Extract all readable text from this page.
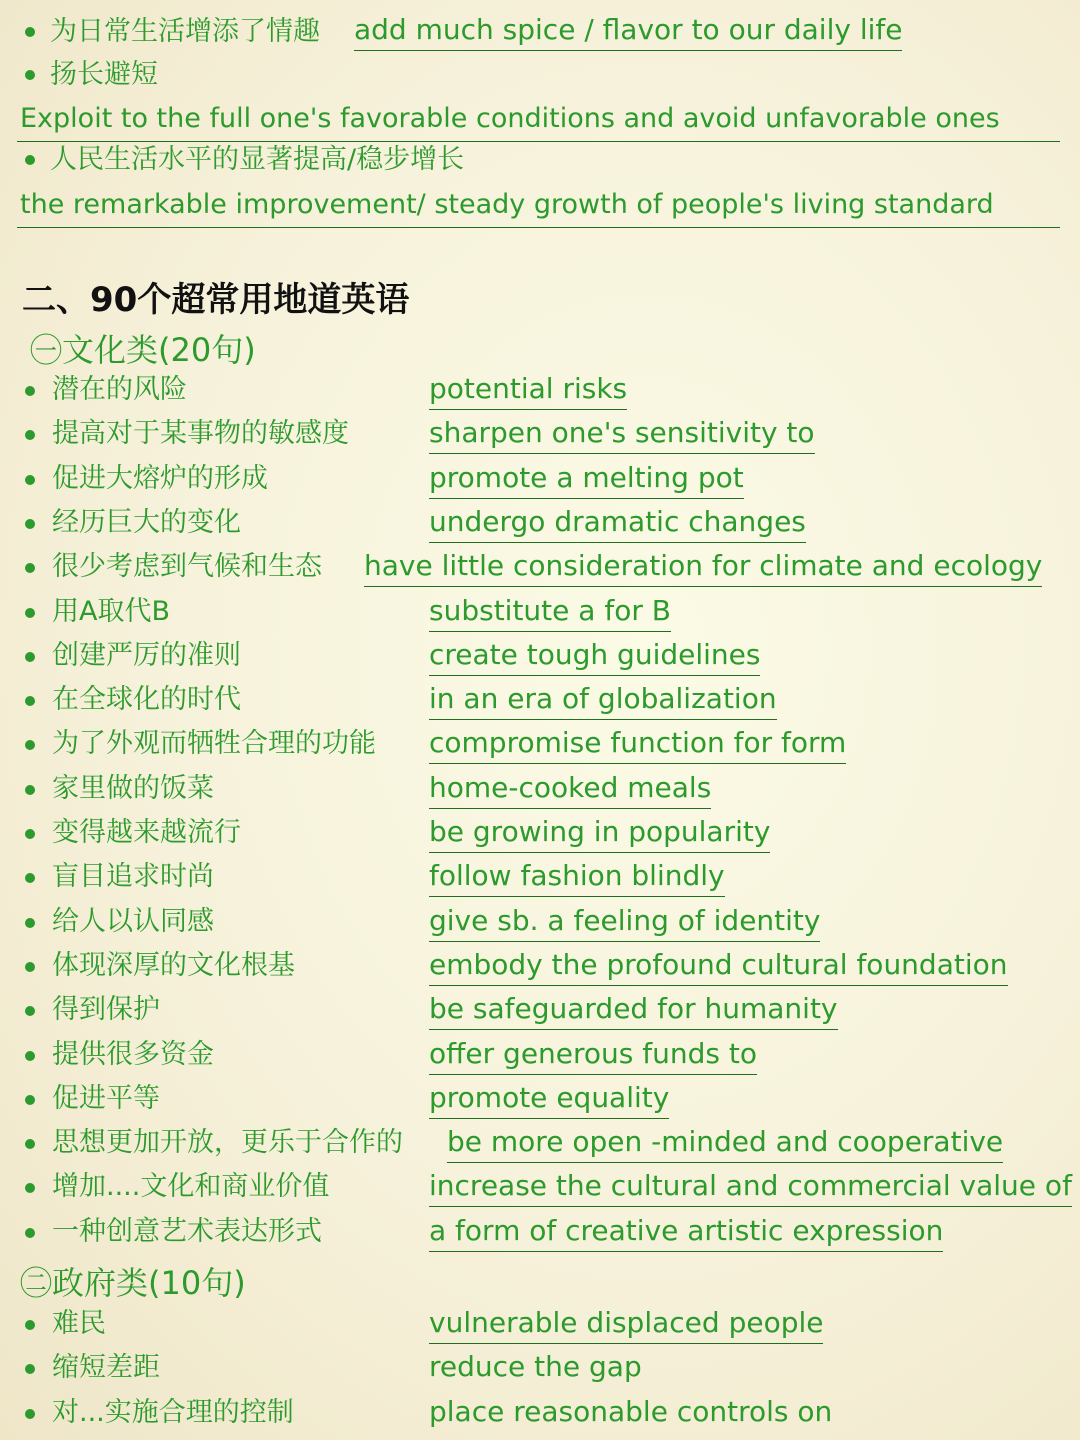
为日常生活增添了情趣 add much spice / flavor to our daily life
扬长避短
Exploit to the full one's favorable conditions and avoid unfavorable ones
人民生活水平的显著提高/稳步增长
the remarkable improvement/ steady growth of people's living standard
二、90个超常用地道英语
㊀文化类(20句)
潜在的风险	potential risks
提高对于某事物的敏感度	sharpen one's sensitivity to
促进大熔炉的形成	promote a melting pot
经历巨大的变化	undergo dramatic changes
很少考虑到气候和生态 have little consideration for climate and ecology
用A取代B	substitute a for B
创建严厉的准则	create tough guidelines
在全球化的时代	in an era of globalization
为了外观而牺牲合理的功能 compromise function for form
家里做的饭菜	home-cooked meals
变得越来越流行	be growing in popularity
盲目追求时尚	follow fashion blindly
给人以认同感	give sb. a feeling of identity
体现深厚的文化根基	embody the profound cultural foundation
得到保护	be safeguarded for humanity
提供很多资金	offer generous funds to
促进平等	promote equality
思想更加开放，更乐于合作的 be more open -minded and cooperative
增加....文化和商业价值	increase the cultural and commercial value of
一种创意艺术表达形式	a form of creative artistic expression
㊁政府类(10句)
难民	vulnerable displaced people
缩短差距	reduce the gap
对...实施合理的控制	place reasonable controls on
